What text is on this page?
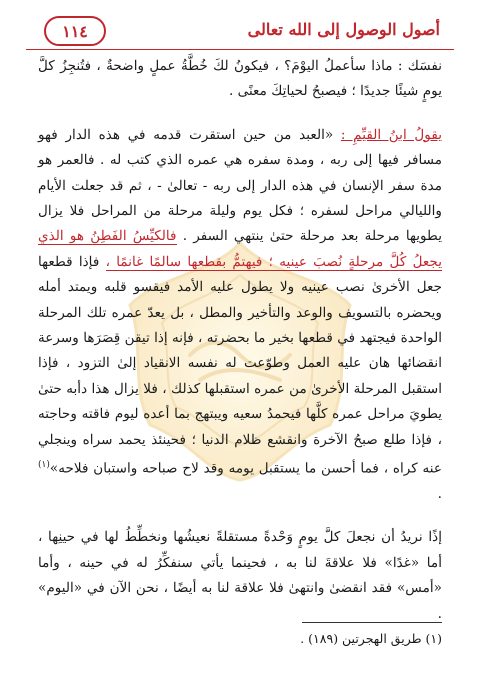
١١٤	أصول الوصول إلى الله تعالى

نفسَك : ماذا سأعملُ اليوْمَ؟ ، فيكونُ لكَ خُطَّةُ عملٍ واضحةٌ ، فتُنجِزُ كلَّ يومٍ شيئًا جديدًا ؛ فيصبحُ لحياتِكَ معنًى .

يقولُ ابنُ القيِّمِ : «العبد من حين استقرت قدمه في هذه الدار فهو مسافر فيها إلى ربه ، ومدة سفره هي عمره الذي كتب له . فالعمر هو مدة سفر الإنسان في هذه الدار إلى ربه - تعالىٰ - ، ثم قد جعلت الأيام والليالي مراحل لسفره ؛ فكل يوم وليلة مرحلة من المراحل فلا يزال يطويها مرحلة بعد مرحلة حتىٰ ينتهي السفر . فالكيِّسُ الفَطِنُ هو الذي يجعلُ كُلَّ مرحلةٍ نُصبَ عينيه ؛ فيهتمُّ بقطعها سالمًا غانمًا ، فإذا قطعها جعل الأخرىٰ نصب عينيه ولا يطول عليه الأمد فيقسو قلبه ويمتد أمله ويحضره بالتسويف والوعد والتأخير والمطل ، بل يعدّ عمره تلك المرحلة الواحدة فيجتهد في قطعها بخير ما بحضرته ، فإنه إذا تيقن قِصَرَها وسرعة انقضائها هان عليه العمل وطوّعت له نفسه الانقياد إلىٰ التزود ، فإذا استقبل المرحلة الأخرىٰ من عمره استقبلها كذلك ، فلا يزال هذا دأبه حتىٰ يطويَ مراحل عمره كلَّها فيحمدُ سعيه ويبتهج بما أعده ليوم فاقته وحاجته ، فإذا طلع صبحُ الآخرة وانقشع ظلام الدنيا ؛ فحينئذ يحمد سراه وينجلي عنه كراه ، فما أحسن ما يستقبل يومه وقد لاح صباحه واستبان فلاحه»$^{(١)}$ .

إذًا نريدُ أن نجعلَ كلَّ يومٍ وَحْدةً مستقلةً نعيشُها ونخطِّطُ لها في حينِها ، أما «غدًا» فلا علاقةَ لنا به ، فحينما يأتي سنفكِّرُ له في حينه ، وأما «أمس» فقد انقضىٰ وانتهىٰ فلا علاقة لنا به أيضًا ، نحن الآن في «اليوم» .

(١) طريق الهجرتين (١٨٩) .
